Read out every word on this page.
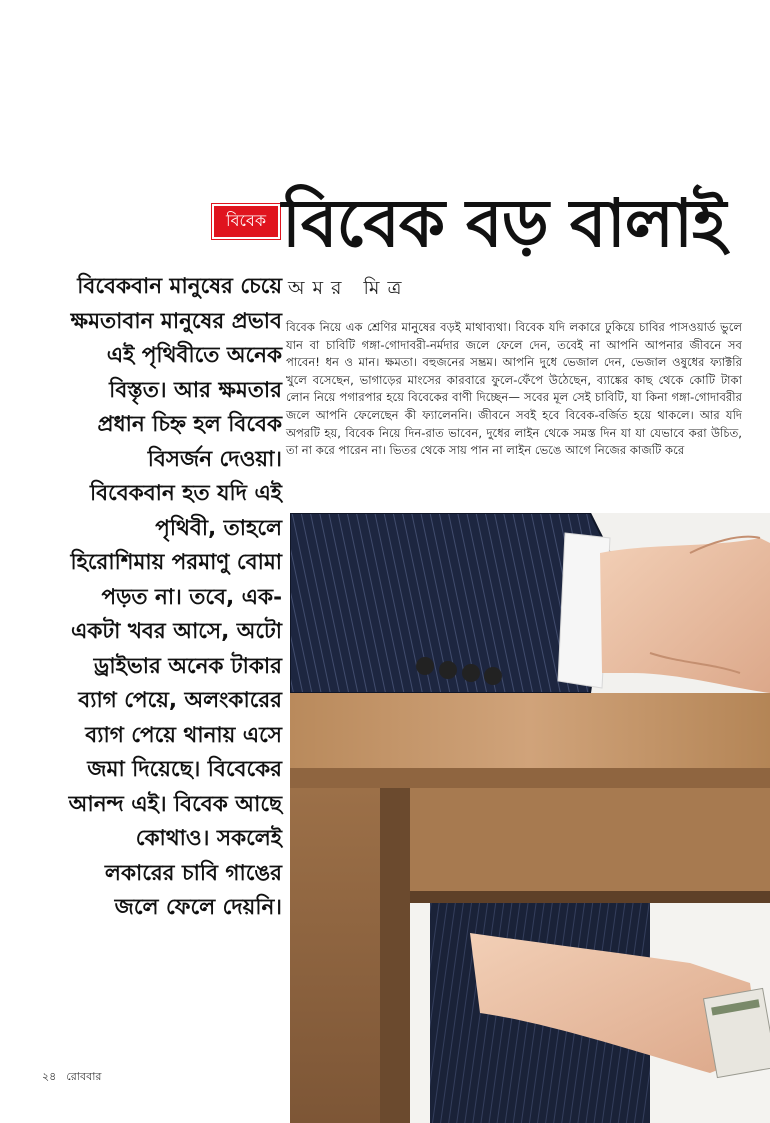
বিবেক বিবেক বড় বালাই
অমর মিত্র
বিবেক নিয়ে এক শ্রেণির মানুষের বড়ই মাথাব্যথা। বিবেক যদি লকারে ঢুকিয়ে চাবির পাসওয়ার্ড ভুলে যান বা চাবিটি গঙ্গা-গোদাবরী-নর্মদার জলে ফেলে দেন, তবেই না আপনি আপনার জীবনে সব পাবেন! ধন ও মান। ক্ষমতা। বহুজনের সম্ভ্রম। আপনি দুধে ভেজাল দেন, ভেজাল ওষুধের ফ্যাক্টরি খুলে বসেছেন, ভাগাড়ের মাংসের কারবারে ফুলে-ফেঁপে উঠেছেন, ব্যাঙ্কের কাছ থেকে কোটি টাকা লোন নিয়ে পগারপার হয়ে বিবেকের বাণী দিচ্ছেন— সবের মূল সেই চাবিটি, যা কিনা গঙ্গা-গোদাবরীর জলে আপনি ফেলেছেন কী ফ্যালেননি। জীবনে সবই হবে বিবেক-বর্জিত হয়ে থাকলে। আর যদি অপরটি হয়, বিবেক নিয়ে দিন-রাত ভাবেন, দুধের লাইন থেকে সমস্ত দিন যা যা যেভাবে করা উচিত, তা না করে পারেন না। ভিতর থেকে সায় পান না লাইন ভেঙে আগে নিজের কাজটি করে
বিবেকবান মানুষের চেয়ে ক্ষমতাবান মানুষের প্রভাব এই পৃথিবীতে অনেক বিস্তৃত। আর ক্ষমতার প্রধান চিহ্ন হল বিবেক বিসর্জন দেওয়া। বিবেকবান হত যদি এই পৃথিবী, তাহলে হিরোশিমায় পরমাণু বোমা পড়ত না। তবে, এক-একটা খবর আসে, অটো ড্রাইভার অনেক টাকার ব্যাগ পেয়ে, অলংকারের ব্যাগ পেয়ে থানায় এসে জমা দিয়েছে। বিবেকের আনন্দ এই। বিবেক আছে কোথাও। সকলেই লকারের চাবি গাঙের জলে ফেলে দেয়নি।
২৪ রোববার
